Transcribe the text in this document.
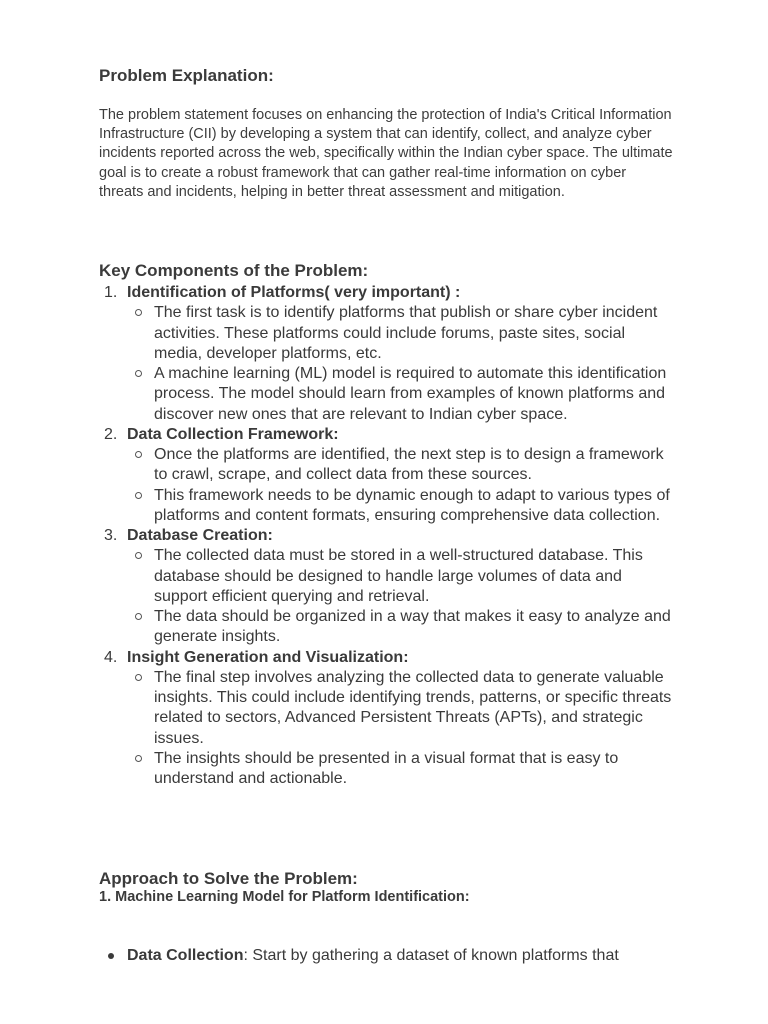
Problem Explanation:
The problem statement focuses on enhancing the protection of India's Critical Information Infrastructure (CII) by developing a system that can identify, collect, and analyze cyber incidents reported across the web, specifically within the Indian cyber space. The ultimate goal is to create a robust framework that can gather real-time information on cyber threats and incidents, helping in better threat assessment and mitigation.
Key Components of the Problem:
1. Identification of Platforms( very important) :
The first task is to identify platforms that publish or share cyber incident activities. These platforms could include forums, paste sites, social media, developer platforms, etc.
A machine learning (ML) model is required to automate this identification process. The model should learn from examples of known platforms and discover new ones that are relevant to Indian cyber space.
2. Data Collection Framework:
Once the platforms are identified, the next step is to design a framework to crawl, scrape, and collect data from these sources.
This framework needs to be dynamic enough to adapt to various types of platforms and content formats, ensuring comprehensive data collection.
3. Database Creation:
The collected data must be stored in a well-structured database. This database should be designed to handle large volumes of data and support efficient querying and retrieval.
The data should be organized in a way that makes it easy to analyze and generate insights.
4. Insight Generation and Visualization:
The final step involves analyzing the collected data to generate valuable insights. This could include identifying trends, patterns, or specific threats related to sectors, Advanced Persistent Threats (APTs), and strategic issues.
The insights should be presented in a visual format that is easy to understand and actionable.
Approach to Solve the Problem:
1. Machine Learning Model for Platform Identification:
Data Collection: Start by gathering a dataset of known platforms that
